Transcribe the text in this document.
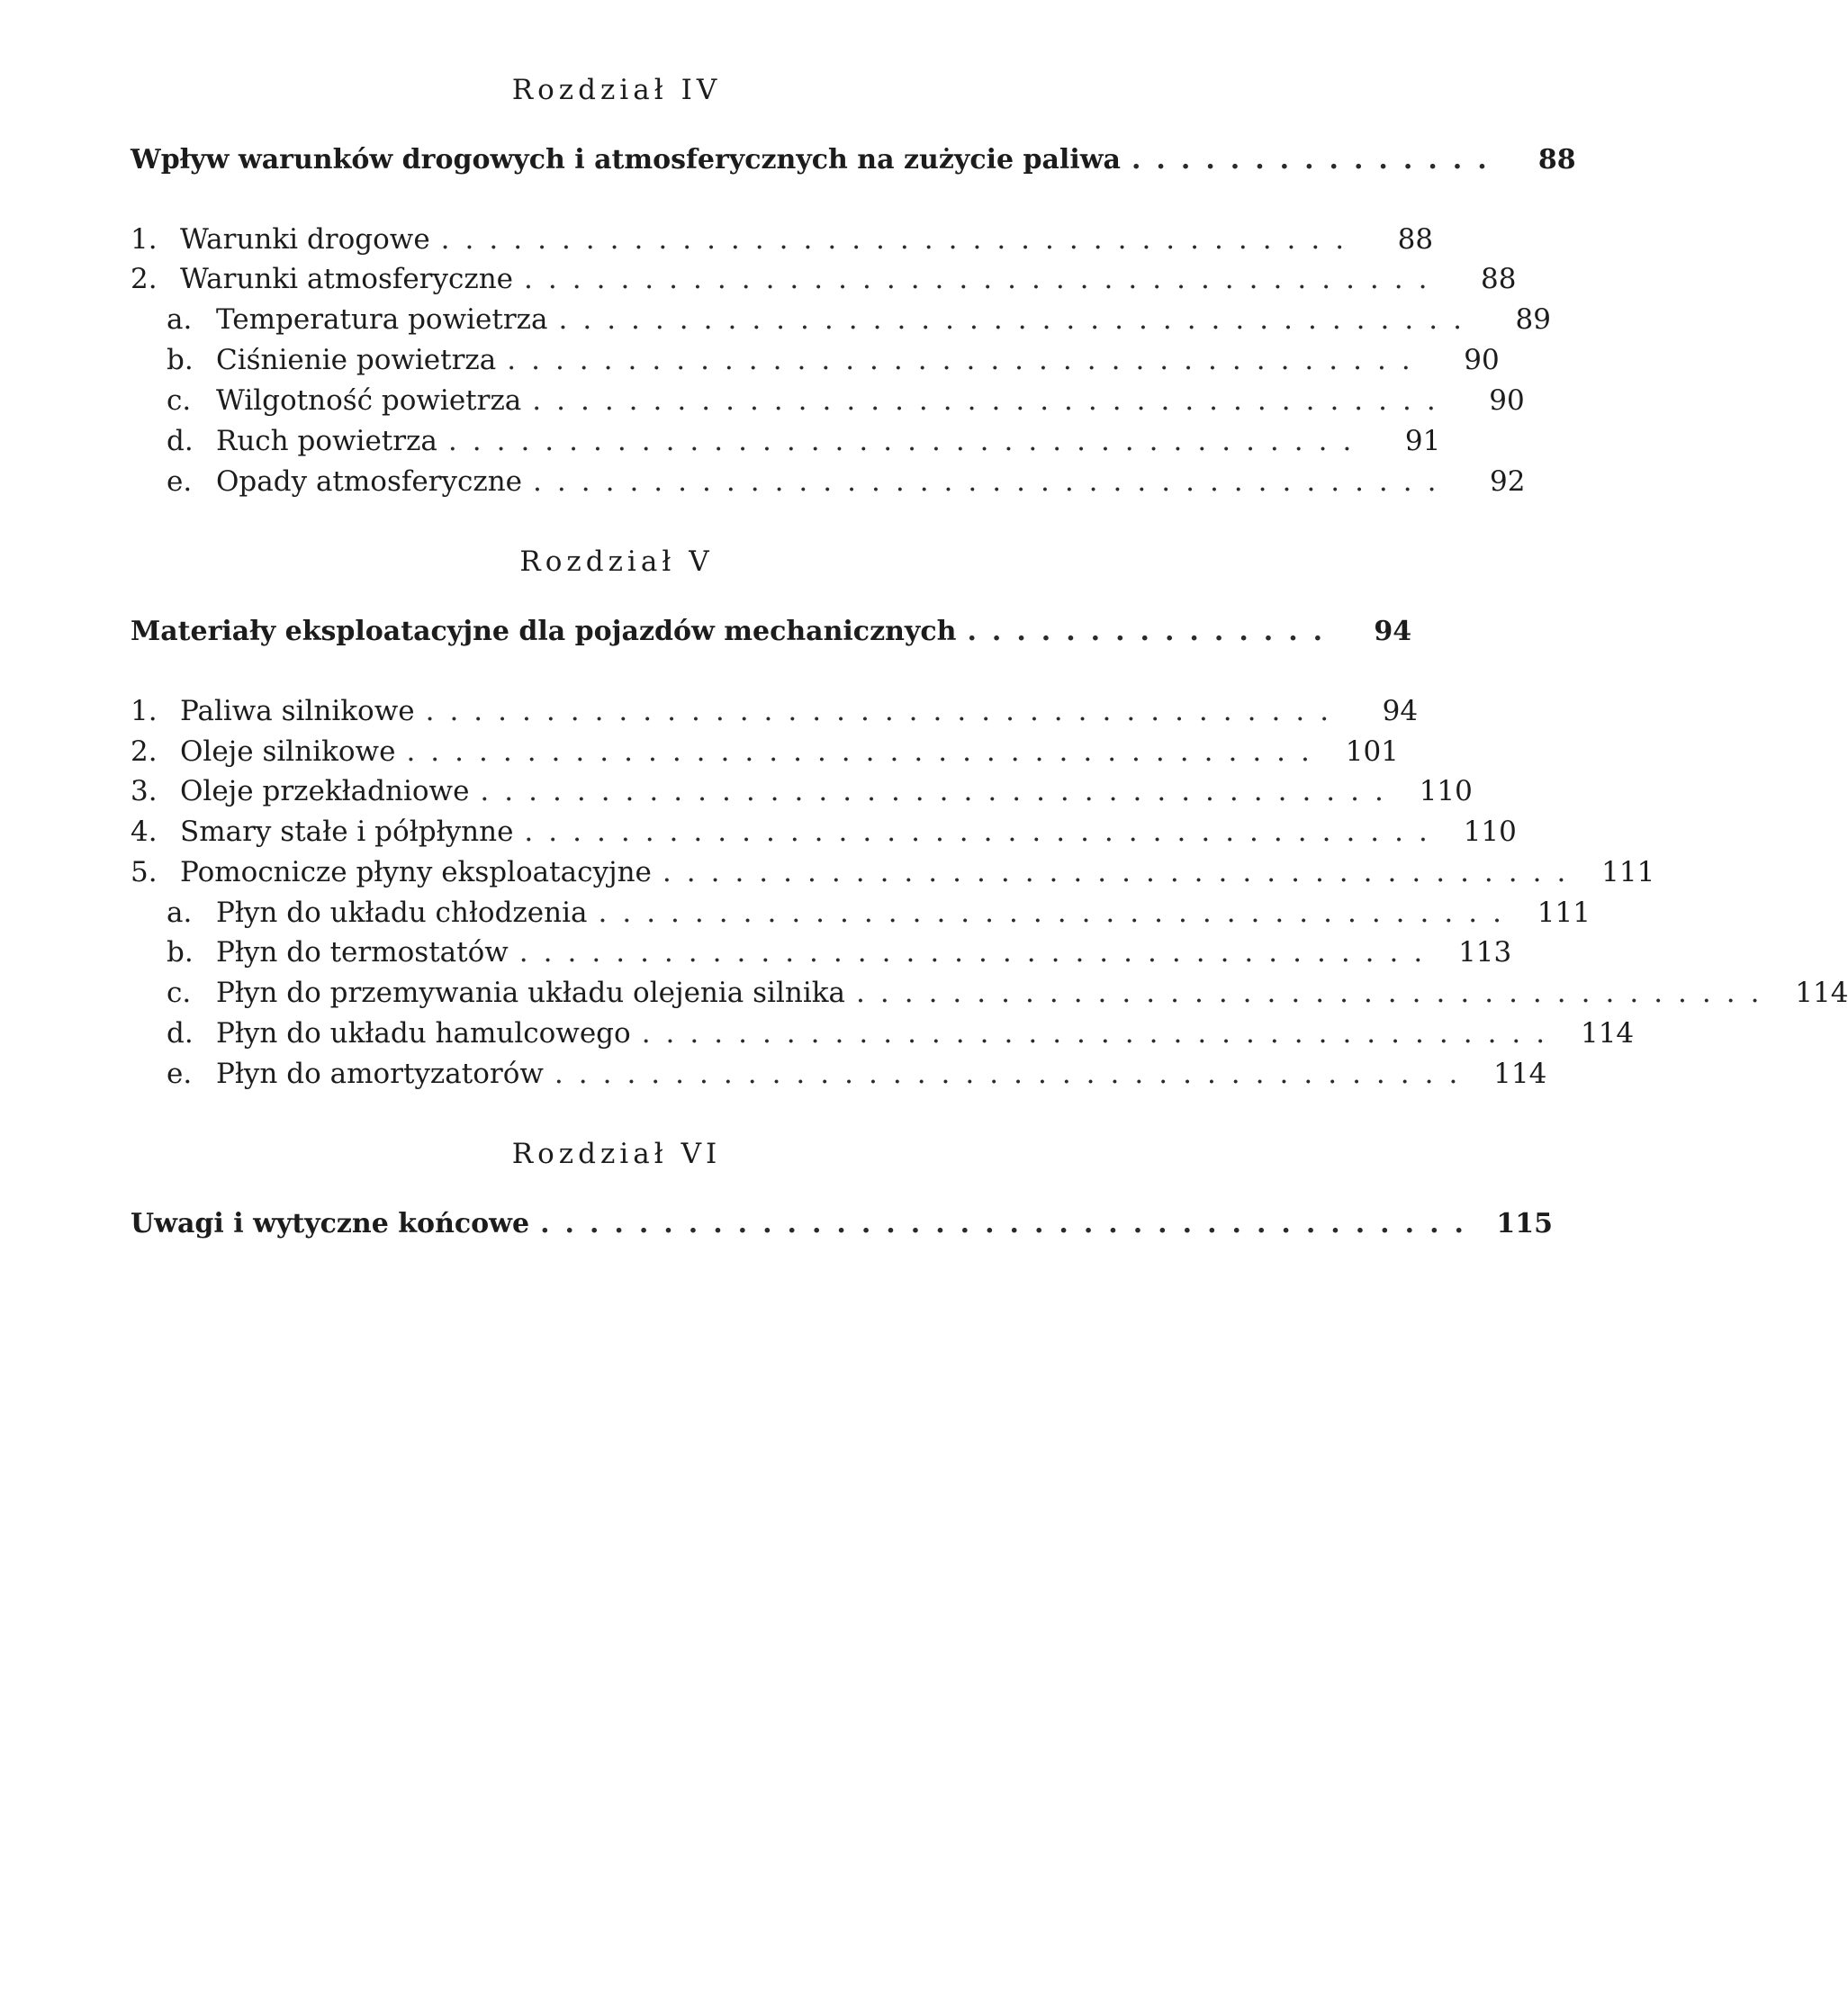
Rozdział IV
Wpływ warunków drogowych i atmosferycznych na zużycie paliwa ...............	88
1. Warunki drogowe ......................................	88
2. Warunki atmosferyczne ......................................	88
a. Temperatura powietrza ......................................	89
b. Ciśnienie powietrza ......................................	90
c. Wilgotność powietrza ......................................	90
d. Ruch powietrza ......................................	91
e. Opady atmosferyczne ......................................	92
Rozdział V
Materiały eksploatacyjne dla pojazdów mechanicznych ...............	94
1. Paliwa silnikowe ......................................	94
2. Oleje silnikowe ...................................... 101
3. Oleje przekładniowe ...................................... 110
4. Smary stałe i półpłynne ...................................... 110
5. Pomocnicze płyny eksploatacyjne ...................................... 111
a. Płyn do układu chłodzenia ...................................... 111
b. Płyn do termostatów ...................................... 113
c. Płyn do przemywania układu olejenia silnika ...................................... 114
d. Płyn do układu hamulcowego ...................................... 114
e. Płyn do amortyzatorów ...................................... 114
Rozdział VI
Uwagi i wytyczne końcowe ...................................... 115
